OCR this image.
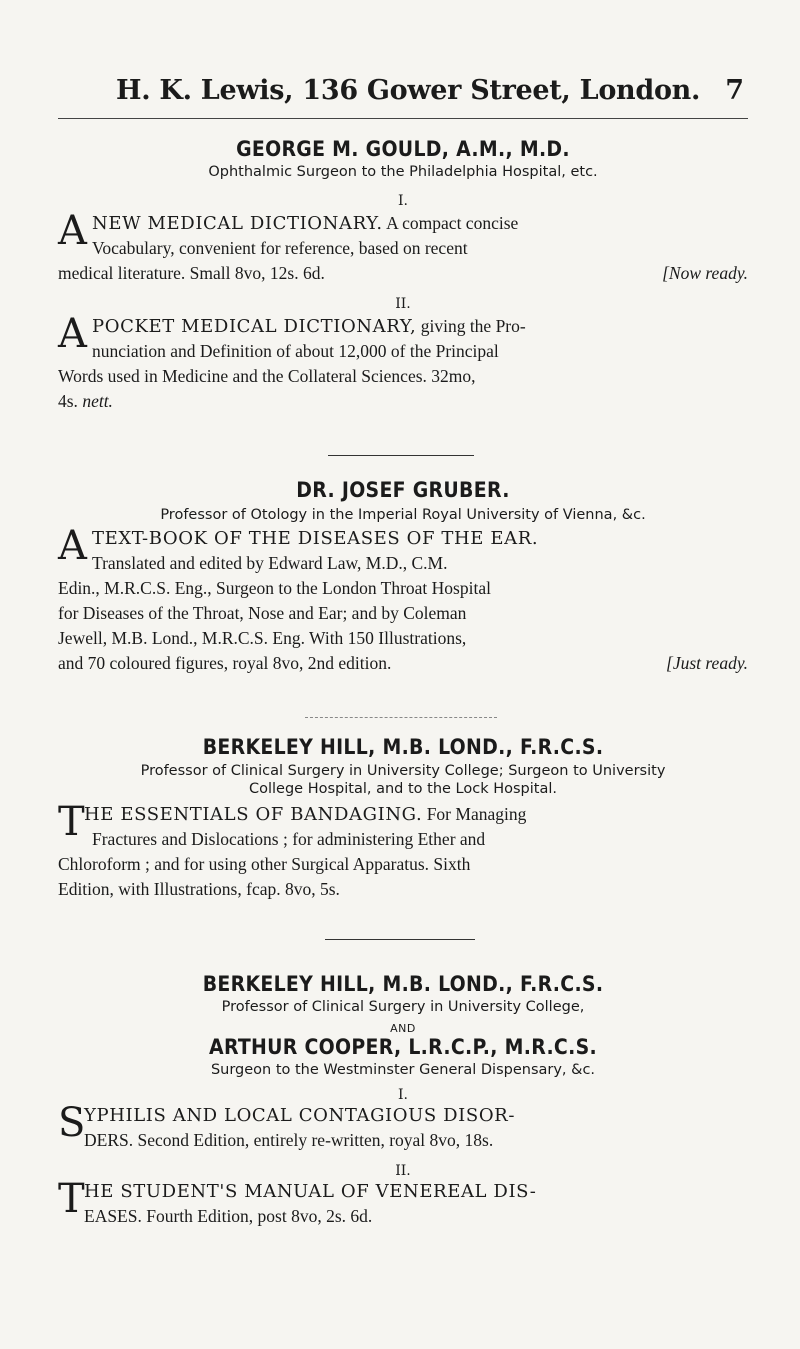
H. K. Lewis, 136 Gower Street, London. 7
GEORGE M. GOULD, A.M., M.D.
Ophthalmic Surgeon to the Philadelphia Hospital, etc.
I.
A NEW MEDICAL DICTIONARY. A compact concise
Vocabulary, convenient for reference, based on recent
medical literature. Small 8vo, 12s. 6d.	[Now ready.
II.
A POCKET MEDICAL DICTIONARY, giving the Pro-
nunciation and Definition of about 12,000 of the Principal
Words used in Medicine and the Collateral Sciences. 32mo,
4s. nett.
DR. JOSEF GRUBER.
Professor of Otology in the Imperial Royal University of Vienna, &c.
A TEXT-BOOK OF THE DISEASES OF THE EAR.
Translated and edited by Edward Law, M.D., C.M.
Edin., M.R.C.S. Eng., Surgeon to the London Throat Hospital
for Diseases of the Throat, Nose and Ear; and by Coleman
Jewell, M.B. Lond., M.R.C.S. Eng. With 150 Illustrations,
and 70 coloured figures, royal 8vo, 2nd edition.	[Just ready.
BERKELEY HILL, M.B. LOND., F.R.C.S.
Professor of Clinical Surgery in University College; Surgeon to University
College Hospital, and to the Lock Hospital.
T HE ESSENTIALS OF BANDAGING. For Managing
Fractures and Dislocations ; for administering Ether and
Chloroform ; and for using other Surgical Apparatus. Sixth
Edition, with Illustrations, fcap. 8vo, 5s.
BERKELEY HILL, M.B. LOND., F.R.C.S.
Professor of Clinical Surgery in University College,
AND
ARTHUR COOPER, L.R.C.P., M.R.C.S.
Surgeon to the Westminster General Dispensary, &c.
I.
S
YPHILIS AND LOCAL CONTAGIOUS DISOR-
DERS. Second Edition, entirely re-written, royal 8vo, 18s.
II.
T HE STUDENT'S MANUAL OF VENEREAL DIS-
EASES. Fourth Edition, post 8vo, 2s. 6d.
